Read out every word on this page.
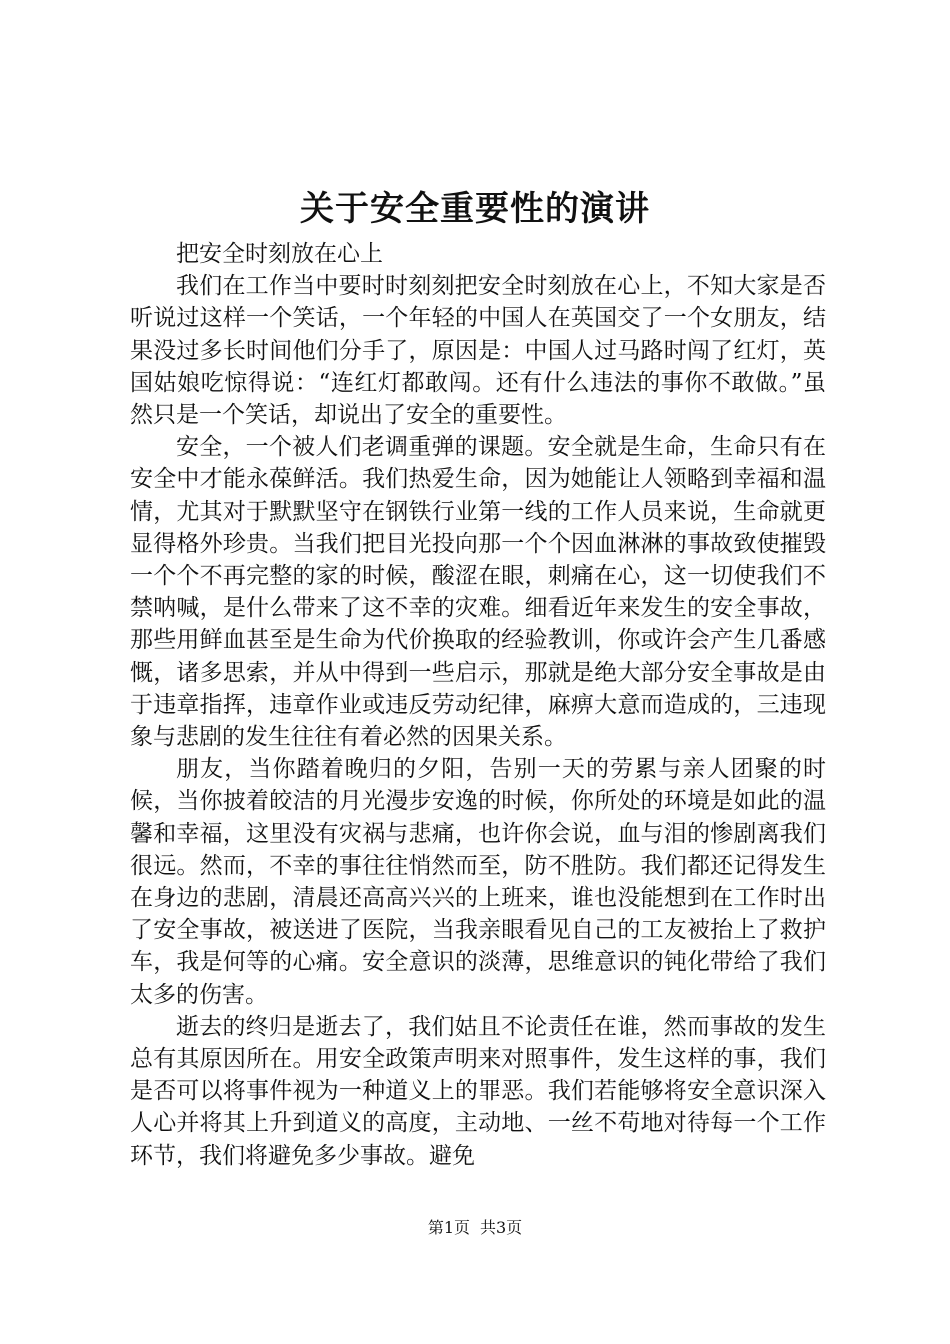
关于安全重要性的演讲

把安全时刻放在心上

我们在工作当中要时时刻刻把安全时刻放在心上，不知大家是否听说过这样一个笑话，一个年轻的中国人在英国交了一个女朋友，结果没过多长时间他们分手了，原因是：中国人过马路时闯了红灯，英国姑娘吃惊得说：“连红灯都敢闯。还有什么违法的事你不敢做。”虽然只是一个笑话，却说出了安全的重要性。

安全，一个被人们老调重弹的课题。安全就是生命，生命只有在安全中才能永葆鲜活。我们热爱生命，因为她能让人领略到幸福和温情，尤其对于默默坚守在钢铁行业第一线的工作人员来说，生命就更显得格外珍贵。当我们把目光投向那一个个因血淋淋的事故致使摧毁一个个不再完整的家的时候，酸涩在眼，刺痛在心，这一切使我们不禁呐喊，是什么带来了这不幸的灾难。细看近年来发生的安全事故，那些用鲜血甚至是生命为代价换取的经验教训，你或许会产生几番感慨，诸多思索，并从中得到一些启示，那就是绝大部分安全事故是由于违章指挥，违章作业或违反劳动纪律，麻痹大意而造成的，三违现象与悲剧的发生往往有着必然的因果关系。

朋友，当你踏着晚归的夕阳，告别一天的劳累与亲人团聚的时候，当你披着皎洁的月光漫步安逸的时候，你所处的环境是如此的温馨和幸福，这里没有灾祸与悲痛，也许你会说，血与泪的惨剧离我们很远。然而，不幸的事往往悄然而至，防不胜防。我们都还记得发生在身边的悲剧，清晨还高高兴兴的上班来，谁也没能想到在工作时出了安全事故，被送进了医院，当我亲眼看见自己的工友被抬上了救护车，我是何等的心痛。安全意识的淡薄，思维意识的钝化带给了我们太多的伤害。

逝去的终归是逝去了，我们姑且不论责任在谁，然而事故的发生总有其原因所在。用安全政策声明来对照事件，发生这样的事，我们是否可以将事件视为一种道义上的罪恶。我们若能够将安全意识深入人心并将其上升到道义的高度，主动地、一丝不苟地对待每一个工作环节，我们将避免多少事故。避免

第1页 共3页
